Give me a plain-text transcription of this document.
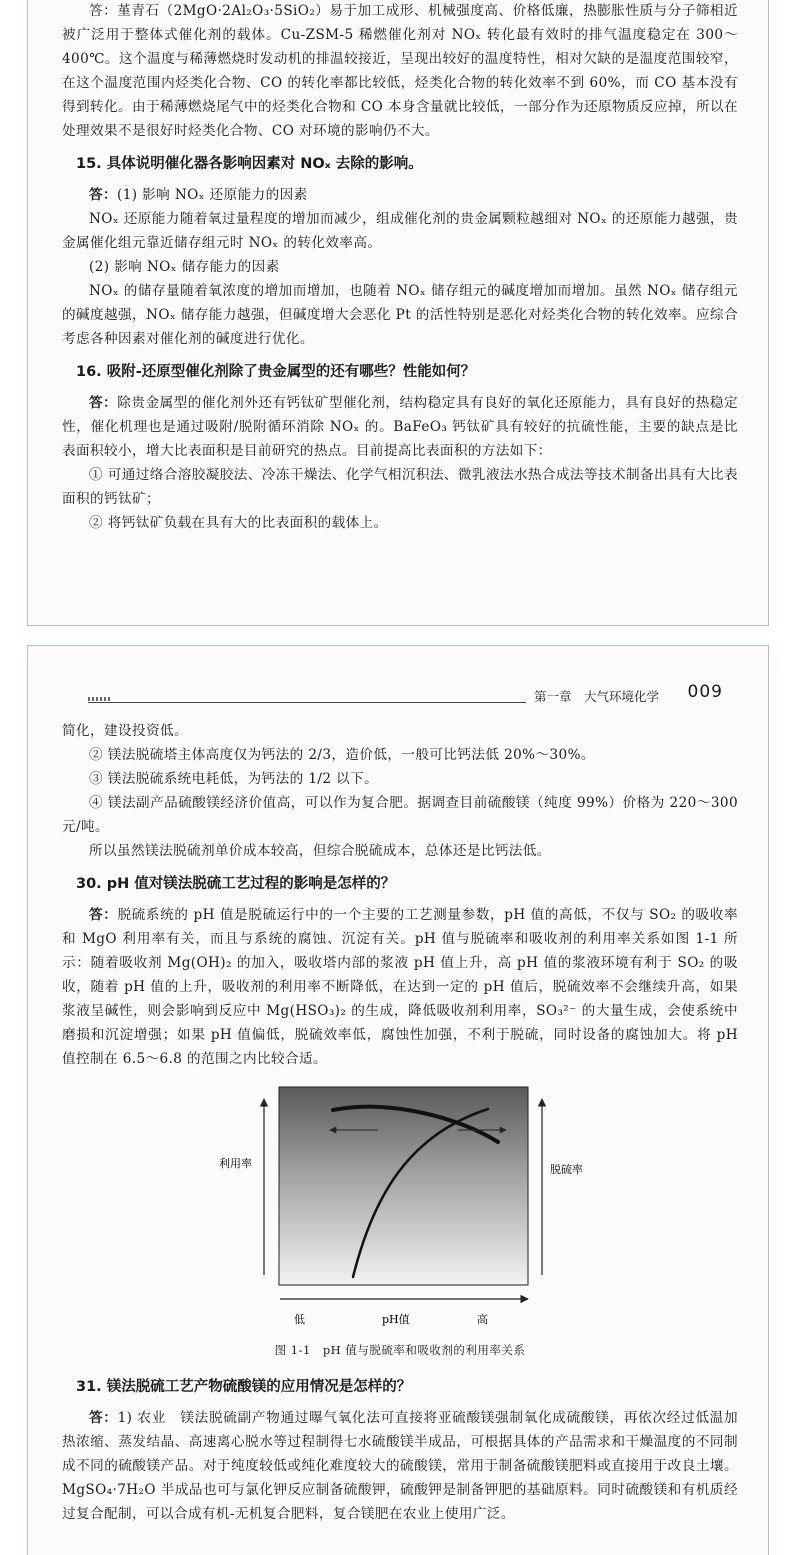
答：堇青石（2MgO·2Al₂O₃·5SiO₂）易于加工成形、机械强度高、价格低廉，热膨胀性质与分子筛相近被广泛用于整体式催化剂的载体。Cu-ZSM-5 稀燃催化剂对 NOₓ 转化最有效时的排气温度稳定在 300～400℃。这个温度与稀薄燃烧时发动机的排温较接近，呈现出较好的温度特性，相对欠缺的是温度范围较窄，在这个温度范围内烃类化合物、CO 的转化率都比较低，烃类化合物的转化效率不到 60%，而 CO 基本没有得到转化。由于稀薄燃烧尾气中的烃类化合物和 CO 本身含量就比较低，一部分作为还原物质反应掉，所以在处理效果不是很好时烃类化合物、CO 对环境的影响仍不大。

15. 具体说明催化器各影响因素对 NOₓ 去除的影响。

答：(1) 影响 NOₓ 还原能力的因素

NOₓ 还原能力随着氧过量程度的增加而减少，组成催化剂的贵金属颗粒越细对 NOₓ 的还原能力越强，贵金属催化组元靠近储存组元时 NOₓ 的转化效率高。

(2) 影响 NOₓ 储存能力的因素

NOₓ 的储存量随着氧浓度的增加而增加，也随着 NOₓ 储存组元的碱度增加而增加。虽然 NOₓ 储存组元的碱度越强，NOₓ 储存能力越强，但碱度增大会恶化 Pt 的活性特别是恶化对烃类化合物的转化效率。应综合考虑各种因素对催化剂的碱度进行优化。

16. 吸附-还原型催化剂除了贵金属型的还有哪些？性能如何？

答：除贵金属型的催化剂外还有钙钛矿型催化剂，结构稳定具有良好的氧化还原能力，具有良好的热稳定性，催化机理也是通过吸附/脱附循环消除 NOₓ 的。BaFeO₃ 钙钛矿具有较好的抗硫性能，主要的缺点是比表面积较小，增大比表面积是目前研究的热点。目前提高比表面积的方法如下：

① 可通过络合溶胶凝胶法、冷冻干燥法、化学气相沉积法、微乳液法水热合成法等技术制备出具有大比表面积的钙钛矿；

② 将钙钛矿负载在具有大的比表面积的载体上。

第一章　大气环境化学	009

简化，建设投资低。

② 镁法脱硫塔主体高度仅为钙法的 2/3，造价低，一般可比钙法低 20%～30%。

③ 镁法脱硫系统电耗低，为钙法的 1/2 以下。

④ 镁法副产品硫酸镁经济价值高，可以作为复合肥。据调查目前硫酸镁（纯度 99%）价格为 220～300 元/吨。

所以虽然镁法脱硫剂单价成本较高，但综合脱硫成本，总体还是比钙法低。

30. pH 值对镁法脱硫工艺过程的影响是怎样的？

答：脱硫系统的 pH 值是脱硫运行中的一个主要的工艺测量参数，pH 值的高低，不仅与 SO₂ 的吸收率和 MgO 利用率有关，而且与系统的腐蚀、沉淀有关。pH 值与脱硫率和吸收剂的利用率关系如图 1-1 所示：随着吸收剂 Mg(OH)₂ 的加入，吸收塔内部的浆液 pH 值上升，高 pH 值的浆液环境有利于 SO₂ 的吸收，随着 pH 值的上升，吸收剂的利用率不断降低，在达到一定的 pH 值后，脱硫效率不会继续升高，如果浆液呈碱性，则会影响到反应中 Mg(HSO₃)₂ 的生成，降低吸收剂利用率，SO₃²⁻ 的大量生成，会使系统中磨损和沉淀增强；如果 pH 值偏低，脱硫效率低，腐蚀性加强，不利于脱硫，同时设备的腐蚀加大。将 pH 值控制在 6.5～6.8 的范围之内比较合适。

利用率	脱硫率
低	pH值	高
图 1-1　pH 值与脱硫率和吸收剂的利用率关系
31. 镁法脱硫工艺产物硫酸镁的应用情况是怎样的？

答：1) 农业　镁法脱硫副产物通过曝气氧化法可直接将亚硫酸镁强制氧化成硫酸镁，再依次经过低温加热浓缩、蒸发结晶、高速离心脱水等过程制得七水硫酸镁半成品，可根据具体的产品需求和干燥温度的不同制成不同的硫酸镁产品。对于纯度较低或纯化难度较大的硫酸镁，常用于制备硫酸镁肥料或直接用于改良土壤。MgSO₄·7H₂O 半成品也可与氯化钾反应制备硫酸钾，硫酸钾是制备钾肥的基础原料。同时硫酸镁和有机质经过复合配制，可以合成有机-无机复合肥料，复合镁肥在农业上使用广泛。
